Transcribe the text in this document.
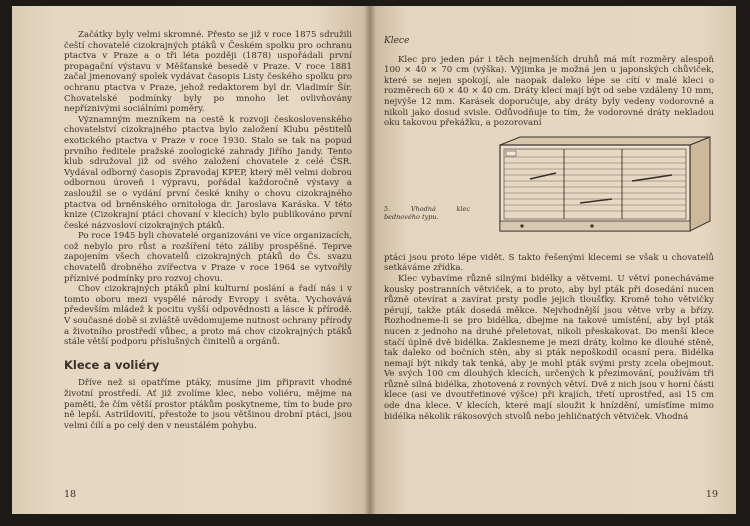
Začátky byly velmi skromné. Přesto se již v roce 1875 sdružili čeští chovatelé cizokrajných ptáků v Českém spolku pro ochranu ptactva v Praze a o tři léta později (1878) uspořádali první propagační výstavu v Měšťanské besedě v Praze. V roce 1881 začal jmenovaný spolek vydávat časopis Listy českého spolku pro ochranu ptactva v Praze, jehož redaktorem byl dr. Vladimír Šír. Chovatelské podmínky byly po mnoho let ovlivňovány nepříznivými sociálními poměry.

Významným mezníkem na cestě k rozvoji československého chovatelství cizokrajného ptactva bylo založení Klubu pěstitelů exotického ptactva v Praze v roce 1930. Stalo se tak na popud prvního ředitele pražské zoologické zahrady Jiřího Jandy. Tento klub sdružoval již od svého založení chovatele z celé ČSR. Vydával odborný časopis Zpravodaj KPEP, který měl velmi dobrou odbornou úroveň i výpravu, pořádal každoročně výstavy a zasloužil se o vydání první české knihy o chovu cizokrajného ptactva od brněnského ornitologa dr. Jaroslava Karáska. V této knize (Cizokrajní ptáci chovaní v klecích) bylo publikováno první české názvosloví cizokrajných ptáků.

Po roce 1945 byli chovatelé organizováni ve více organizacích, což nebylo pro růst a rozšíření této záliby prospěšné. Teprve zapojením všech chovatelů cizokrajných ptáků do Čs. svazu chovatelů drobného zvířectva v Praze v roce 1964 se vytvořily příznivé podmínky pro rozvoj chovu.

Chov cizokrajných ptáků plní kulturní poslání a řadí nás i v tomto oboru mezi vyspělé národy Evropy i světa. Vychovává především mládež k pocitu vyšší odpovědnosti a lásce k přírodě. V současné době si zvláště uvědomujeme nutnost ochrany přírody a životního prostředí vůbec, a proto má chov cizokrajných ptáků stále větší podporu příslušných činitelů a orgánů.

Klece a voliéry

Dříve než si opatříme ptáky, musíme jim připravit vhodné životní prostředí. Ať již zvolíme klec, nebo voliéru, mějme na paměti, že čím větší prostor ptákům poskytneme, tím to bude pro ně lepší. Astrildovití, přestože to jsou většinou drobní ptáci, jsou velmi čilí a po celý den v neustálém pohybu.

18
Klece

Klec pro jeden pár i těch nejmenších druhů má mít rozměry alespoň 100 × 40 × 70 cm (výška). Výjimka je možná jen u japonských chůviček, které se nejen spokojí, ale naopak daleko lépe se cítí v malé kleci o rozměrech 60 × 40 × 40 cm. Dráty klecí mají být od sebe vzdáleny 10 mm, nejvýše 12 mm. Karásek doporučuje, aby dráty byly vedeny vodorovně a nikoli jako dosud svisle. Odůvodňuje to tím, že vodorovné dráty nekladou oku takovou překážku, a pozorovaní

5. Vhodná klec bednového typu.

ptáci jsou proto lépe vidět. S takto řešenými klecemi se však u chovatelů setkáváme zřídka.

Klec vybavíme různě silnými bidélky a větvemi. U větví ponecháváme kousky postranních větviček, a to proto, aby byl pták při dosedání nucen různě otevírat a zavírat prsty podle jejich tloušťky. Kromě toho větvičky pérují, takže pták dosedá měkce. Nejvhodnější jsou větve vrby a břízy. Rozhodneme-li se pro bidélka, dbejme na takové umístění, aby byl pták nucen z jednoho na druhé přeletovat, nikoli přeskakovat. Do menší klece stačí úplně dvě bidélka. Zaklesneme je mezi dráty, kolmo ke dlouhé stěně, tak daleko od bočních stěn, aby si pták nepoškodil ocasní pera. Bidélka nemají být nikdy tak tenká, aby je mohl pták svými prsty zcela obejmout. Ve svých 100 cm dlouhých klecích, určených k přezimování, používám tři různě silná bidélka, zhotovená z rovných větví. Dvě z nich jsou v horní části klece (asi ve dvoutřetinové výšce) při krajích, třetí uprostřed, asi 15 cm ode dna klece. V klecích, které mají sloužit k hnízdění, umísťíme mimo bidélka několik rákosových stvolů nebo jehličnatých větviček. Vhodná

19
